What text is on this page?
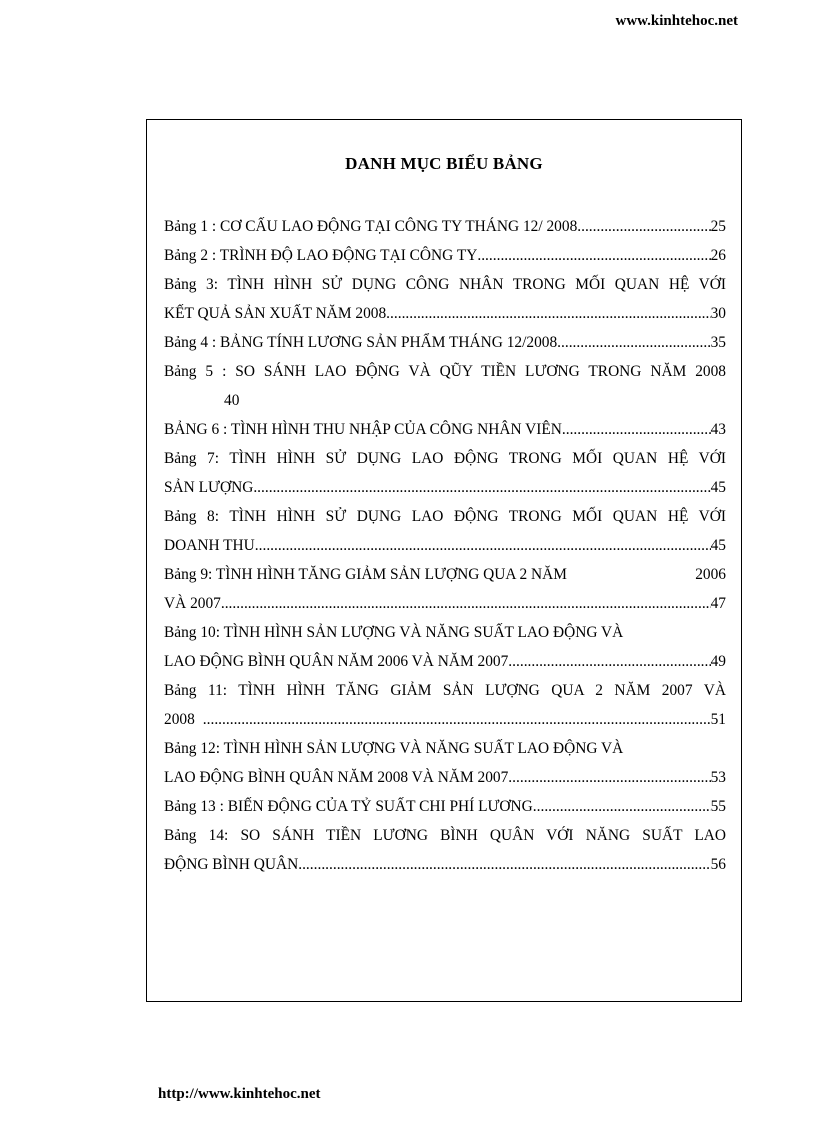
www.kinhtehoc.net
DANH MỤC BIỂU BẢNG
Bảng 1 : CƠ CẤU LAO ĐỘNG TẠI CÔNG TY THÁNG 12/ 2008 .....	25
Bảng 2 : TRÌNH ĐỘ LAO ĐỘNG TẠI CÔNG TY .....	26
Bảng 3: TÌNH HÌNH SỬ DỤNG CÔNG NHÂN TRONG MỐI QUAN HỆ VỚI
KẾT QUẢ SẢN XUẤT NĂM 2008 .....	30
Bảng 4 : BẢNG TÍNH LƯƠNG SẢN PHẨM THÁNG 12/2008 .....	35
Bảng 5 : SO SÁNH LAO ĐỘNG VÀ QŨY TIỀN LƯƠNG TRONG NĂM 2008
40
BẢNG 6 : TÌNH HÌNH THU NHẬP CỦA CÔNG NHÂN VIÊN .....	43
Bảng 7: TÌNH HÌNH SỬ DỤNG LAO ĐỘNG TRONG MỐI QUAN HỆ VỚI
SẢN LƯỢNG .....	45
Bảng 8: TÌNH HÌNH SỬ DỤNG LAO ĐỘNG TRONG MỐI QUAN HỆ VỚI
DOANH THU .....	45
Bảng 9: TÌNH HÌNH TĂNG GIẢM SẢN LƯỢNG QUA 2 NĂM	2006
VÀ 2007 .....	47
Bảng 10: TÌNH HÌNH SẢN LƯỢNG VÀ NĂNG SUẤT LAO ĐỘNG VÀ
LAO ĐỘNG BÌNH QUÂN NĂM 2006 VÀ NĂM 2007 .....	49
Bảng 11: TÌNH HÌNH TĂNG GIẢM SẢN LƯỢNG QUA 2 NĂM 2007 VÀ
2008 .....	51
Bảng 12: TÌNH HÌNH SẢN LƯỢNG VÀ NĂNG SUẤT LAO ĐỘNG VÀ
LAO ĐỘNG BÌNH QUÂN NĂM 2008 VÀ NĂM 2007 .....	53
Bảng 13 : BIẾN ĐỘNG CỦA TỶ SUẤT CHI PHÍ LƯƠNG .....	55
Bảng 14: SO SÁNH TIỀN LƯƠNG BÌNH QUÂN VỚI NĂNG SUẤT LAO
ĐỘNG BÌNH QUÂN .....	56
http://www.kinhtehoc.net
